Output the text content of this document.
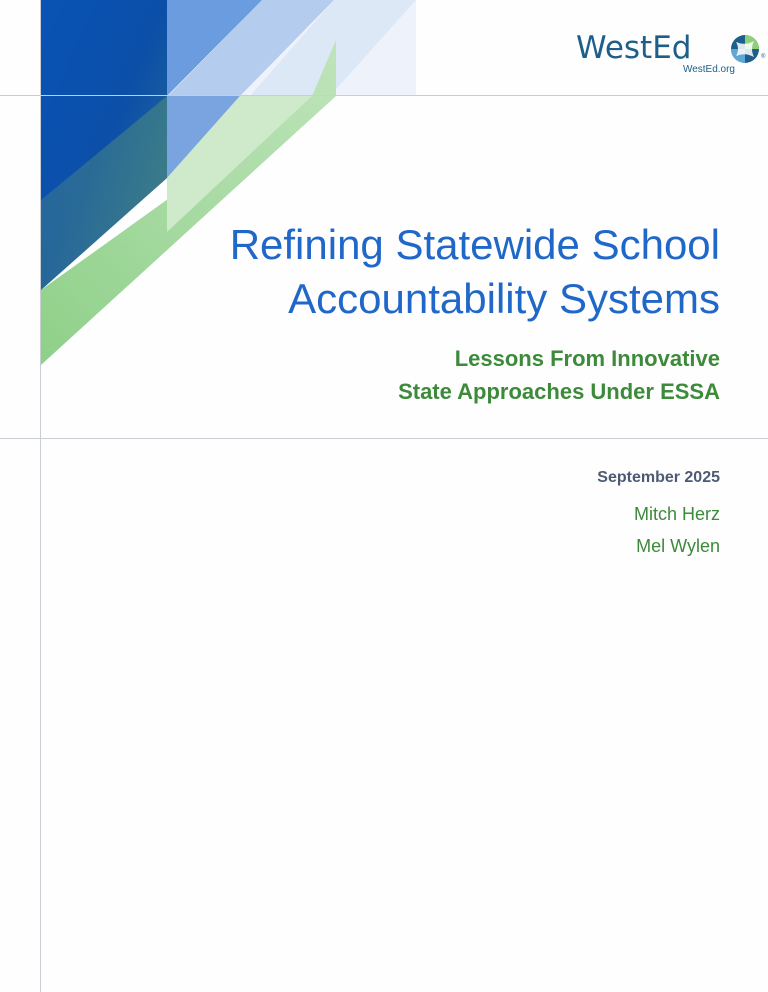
WestEd	®
WestEd.org
Refining Statewide School
Accountability Systems
Lessons From Innovative
State Approaches Under ESSA
September 2025
Mitch Herz
Mel Wylen
